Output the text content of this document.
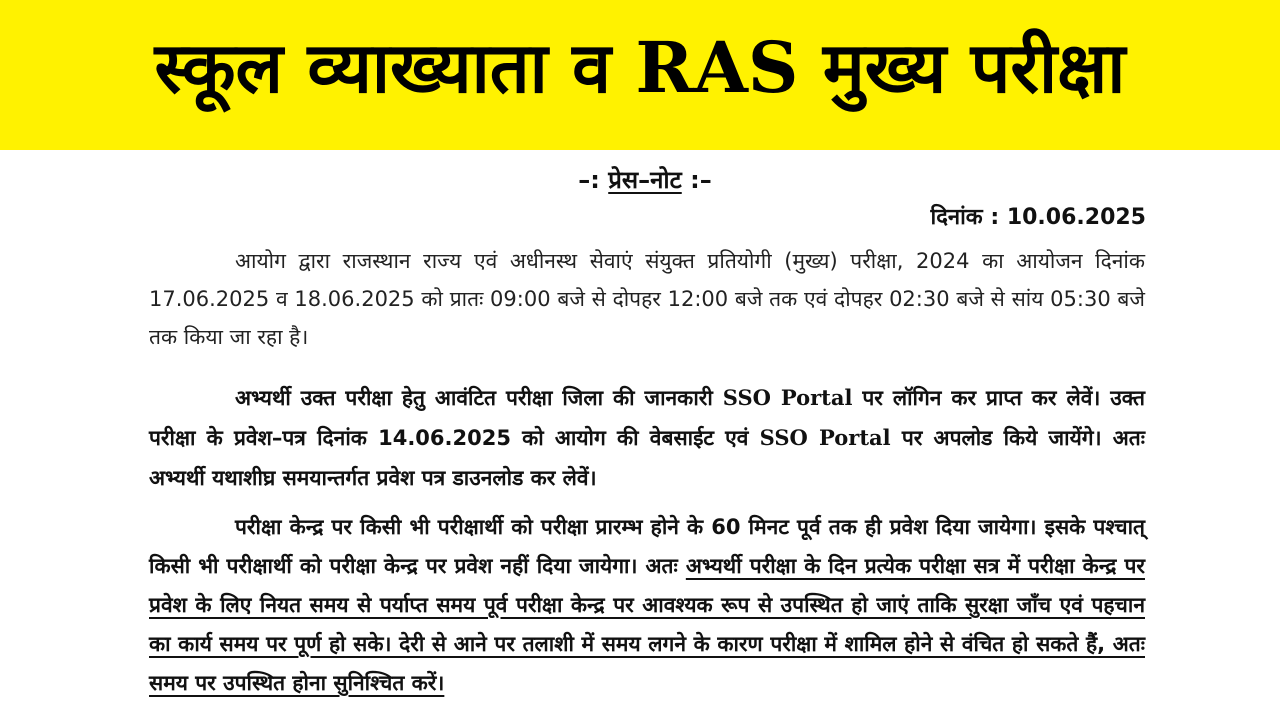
स्कूल व्याख्याता व RAS मुख्य परीक्षा
–: प्रेस–नोट :–
दिनांक : 10.06.2025
आयोग द्वारा राजस्थान राज्य एवं अधीनस्थ सेवाएं संयुक्त प्रतियोगी (मुख्य) परीक्षा, 2024 का आयोजन दिनांक 17.06.2025 व 18.06.2025 को प्रातः 09:00 बजे से दोपहर 12:00 बजे तक एवं दोपहर 02:30 बजे से सांय 05:30 बजे तक किया जा रहा है।
अभ्यर्थी उक्त परीक्षा हेतु आवंटित परीक्षा जिला की जानकारी SSO Portal पर लॉगिन कर प्राप्त कर लेवें। उक्त परीक्षा के प्रवेश–पत्र दिनांक 14.06.2025 को आयोग की वेबसाईट एवं SSO Portal पर अपलोड किये जायेंगे। अतः अभ्यर्थी यथाशीघ्र समयान्तर्गत प्रवेश पत्र डाउनलोड कर लेवें।
परीक्षा केन्द्र पर किसी भी परीक्षार्थी को परीक्षा प्रारम्भ होने के 60 मिनट पूर्व तक ही प्रवेश दिया जायेगा। इसके पश्चात् किसी भी परीक्षार्थी को परीक्षा केन्द्र पर प्रवेश नहीं दिया जायेगा। अतः अभ्यर्थी परीक्षा के दिन प्रत्येक परीक्षा सत्र में परीक्षा केन्द्र पर प्रवेश के लिए नियत समय से पर्याप्त समय पूर्व परीक्षा केन्द्र पर आवश्यक रूप से उपस्थित हो जाएं ताकि सुरक्षा जाँच एवं पहचान का कार्य समय पर पूर्ण हो सके। देरी से आने पर तलाशी में समय लगने के कारण परीक्षा में शामिल होने से वंचित हो सकते हैं, अतः समय पर उपस्थित होना सुनिश्चित करें।
